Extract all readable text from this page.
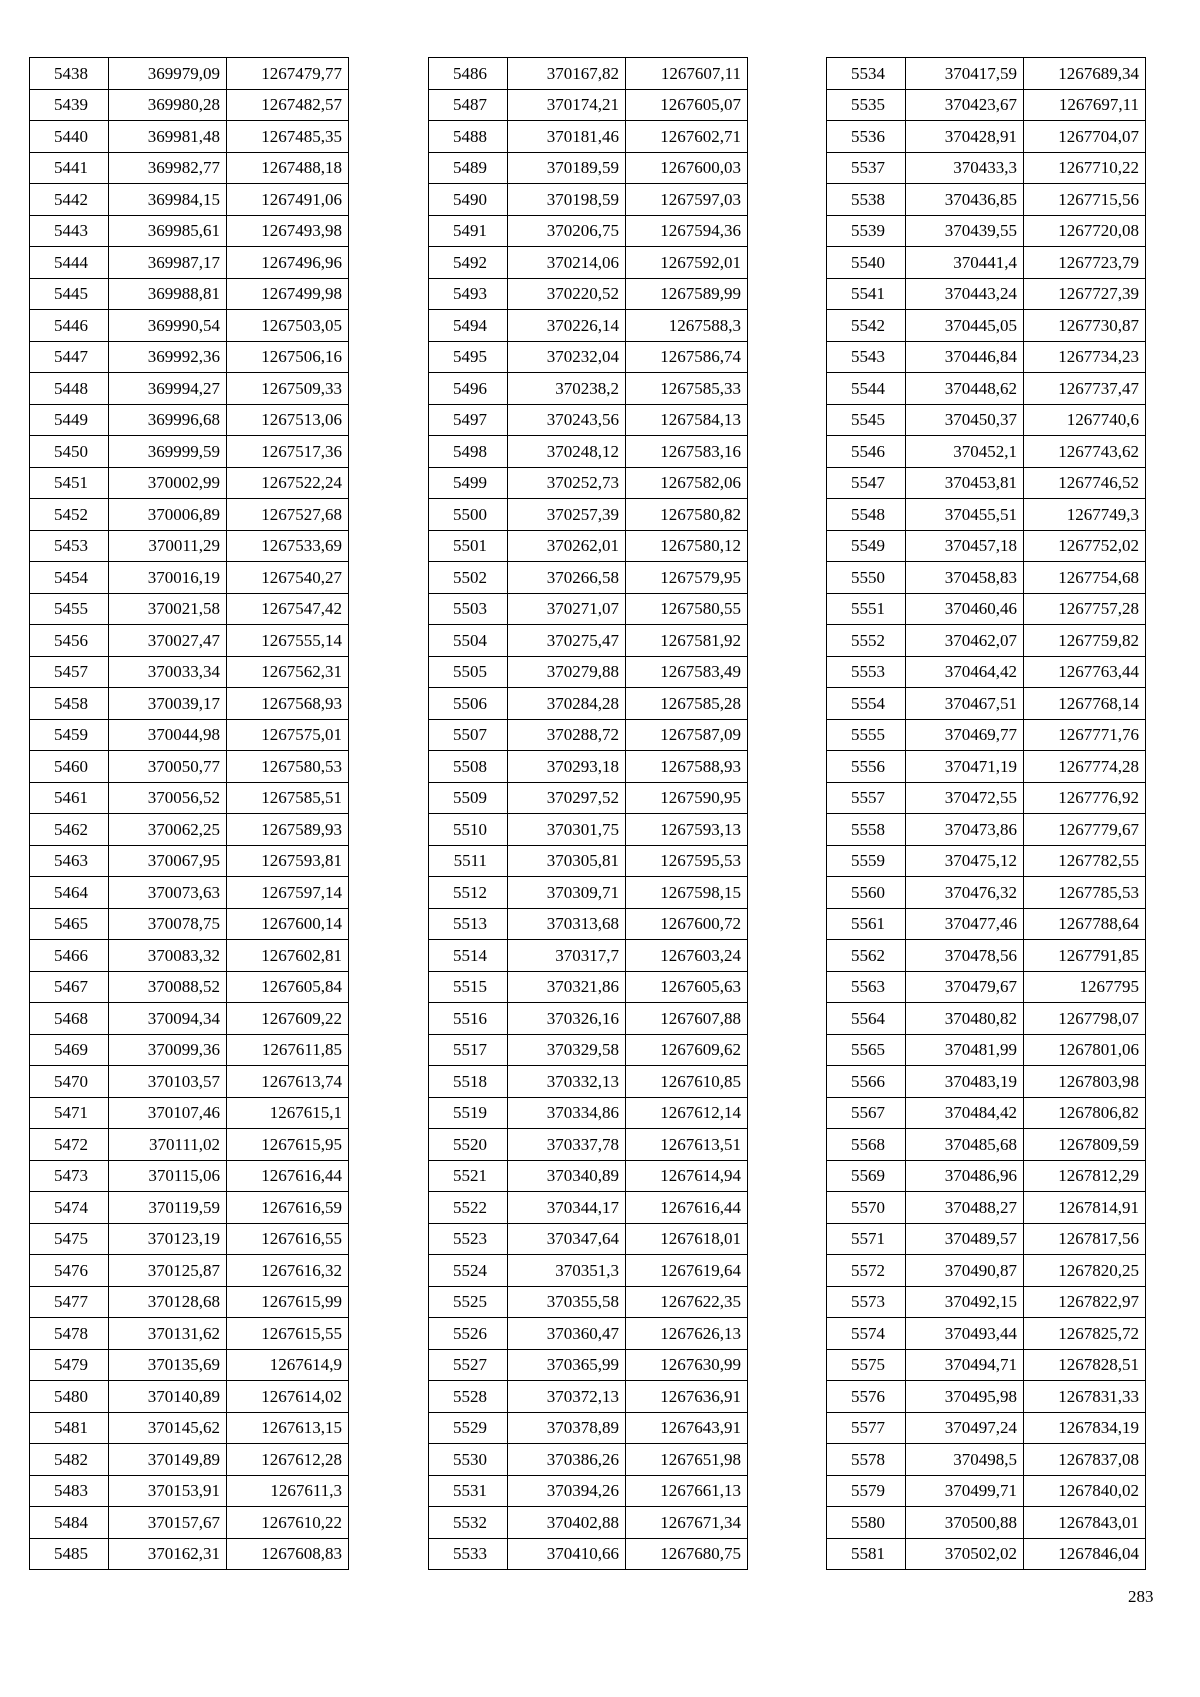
5438	369979,09	1267479,77
5439	369980,28	1267482,57
5440	369981,48	1267485,35
5441	369982,77	1267488,18
5442	369984,15	1267491,06
5443	369985,61	1267493,98
5444	369987,17	1267496,96
5445	369988,81	1267499,98
5446	369990,54	1267503,05
5447	369992,36	1267506,16
5448	369994,27	1267509,33
5449	369996,68	1267513,06
5450	369999,59	1267517,36
5451	370002,99	1267522,24
5452	370006,89	1267527,68
5453	370011,29	1267533,69
5454	370016,19	1267540,27
5455	370021,58	1267547,42
5456	370027,47	1267555,14
5457	370033,34	1267562,31
5458	370039,17	1267568,93
5459	370044,98	1267575,01
5460	370050,77	1267580,53
5461	370056,52	1267585,51
5462	370062,25	1267589,93
5463	370067,95	1267593,81
5464	370073,63	1267597,14
5465	370078,75	1267600,14
5466	370083,32	1267602,81
5467	370088,52	1267605,84
5468	370094,34	1267609,22
5469	370099,36	1267611,85
5470	370103,57	1267613,74
5471	370107,46	1267615,1
5472	370111,02	1267615,95
5473	370115,06	1267616,44
5474	370119,59	1267616,59
5475	370123,19	1267616,55
5476	370125,87	1267616,32
5477	370128,68	1267615,99
5478	370131,62	1267615,55
5479	370135,69	1267614,9
5480	370140,89	1267614,02
5481	370145,62	1267613,15
5482	370149,89	1267612,28
5483	370153,91	1267611,3
5484	370157,67	1267610,22
5485	370162,31	1267608,83
5486	370167,82	1267607,11
5487	370174,21	1267605,07
5488	370181,46	1267602,71
5489	370189,59	1267600,03
5490	370198,59	1267597,03
5491	370206,75	1267594,36
5492	370214,06	1267592,01
5493	370220,52	1267589,99
5494	370226,14	1267588,3
5495	370232,04	1267586,74
5496	370238,2	1267585,33
5497	370243,56	1267584,13
5498	370248,12	1267583,16
5499	370252,73	1267582,06
5500	370257,39	1267580,82
5501	370262,01	1267580,12
5502	370266,58	1267579,95
5503	370271,07	1267580,55
5504	370275,47	1267581,92
5505	370279,88	1267583,49
5506	370284,28	1267585,28
5507	370288,72	1267587,09
5508	370293,18	1267588,93
5509	370297,52	1267590,95
5510	370301,75	1267593,13
5511	370305,81	1267595,53
5512	370309,71	1267598,15
5513	370313,68	1267600,72
5514	370317,7	1267603,24
5515	370321,86	1267605,63
5516	370326,16	1267607,88
5517	370329,58	1267609,62
5518	370332,13	1267610,85
5519	370334,86	1267612,14
5520	370337,78	1267613,51
5521	370340,89	1267614,94
5522	370344,17	1267616,44
5523	370347,64	1267618,01
5524	370351,3	1267619,64
5525	370355,58	1267622,35
5526	370360,47	1267626,13
5527	370365,99	1267630,99
5528	370372,13	1267636,91
5529	370378,89	1267643,91
5530	370386,26	1267651,98
5531	370394,26	1267661,13
5532	370402,88	1267671,34
5533	370410,66	1267680,75
5534	370417,59	1267689,34
5535	370423,67	1267697,11
5536	370428,91	1267704,07
5537	370433,3	1267710,22
5538	370436,85	1267715,56
5539	370439,55	1267720,08
5540	370441,4	1267723,79
5541	370443,24	1267727,39
5542	370445,05	1267730,87
5543	370446,84	1267734,23
5544	370448,62	1267737,47
5545	370450,37	1267740,6
5546	370452,1	1267743,62
5547	370453,81	1267746,52
5548	370455,51	1267749,3
5549	370457,18	1267752,02
5550	370458,83	1267754,68
5551	370460,46	1267757,28
5552	370462,07	1267759,82
5553	370464,42	1267763,44
5554	370467,51	1267768,14
5555	370469,77	1267771,76
5556	370471,19	1267774,28
5557	370472,55	1267776,92
5558	370473,86	1267779,67
5559	370475,12	1267782,55
5560	370476,32	1267785,53
5561	370477,46	1267788,64
5562	370478,56	1267791,85
5563	370479,67	1267795
5564	370480,82	1267798,07
5565	370481,99	1267801,06
5566	370483,19	1267803,98
5567	370484,42	1267806,82
5568	370485,68	1267809,59
5569	370486,96	1267812,29
5570	370488,27	1267814,91
5571	370489,57	1267817,56
5572	370490,87	1267820,25
5573	370492,15	1267822,97
5574	370493,44	1267825,72
5575	370494,71	1267828,51
5576	370495,98	1267831,33
5577	370497,24	1267834,19
5578	370498,5	1267837,08
5579	370499,71	1267840,02
5580	370500,88	1267843,01
5581	370502,02	1267846,04
283
